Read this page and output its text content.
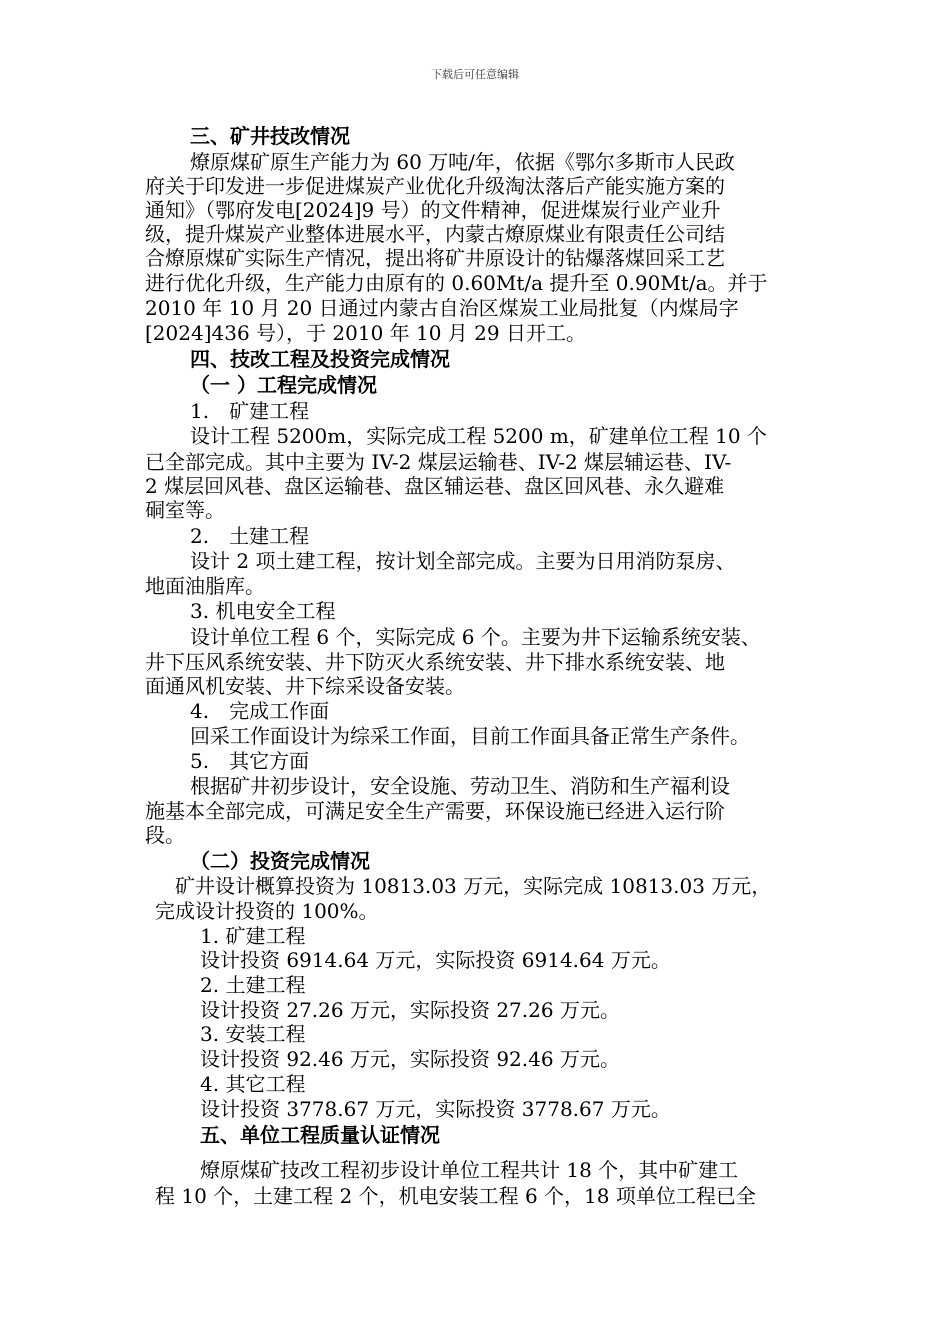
下载后可任意编辑
三、矿井技改情况
燎原煤矿原生产能力为 60 万吨/年，依据《鄂尔多斯市人民政
府关于印发进一步促进煤炭产业优化升级淘汰落后产能实施方案的
通知》（鄂府发电[2024]9 号）的文件精神，促进煤炭行业产业升
级，提升煤炭产业整体进展水平，内蒙古燎原煤业有限责任公司结
合燎原煤矿实际生产情况，提出将矿井原设计的钻爆落煤回采工艺
进行优化升级，生产能力由原有的 0.60Mt/a 提升至 0.90Mt/a。并于
2010 年 10 月 20 日通过内蒙古自治区煤炭工业局批复（内煤局字
[2024]436 号），于 2010 年 10 月 29 日开工。
四、技改工程及投资完成情况
（一 ）工程完成情况
1.　矿建工程
设计工程 5200m，实际完成工程 5200 m，矿建单位工程 10 个
已全部完成。其中主要为 IV-2 煤层运输巷、IV-2 煤层辅运巷、IV-
2 煤层回风巷、盘区运输巷、盘区辅运巷、盘区回风巷、永久避难
硐室等。
2.　土建工程
设计 2 项土建工程，按计划全部完成。主要为日用消防泵房、
地面油脂库。
3. 机电安全工程
设计单位工程 6 个，实际完成 6 个。主要为井下运输系统安装、
井下压风系统安装、井下防灭火系统安装、井下排水系统安装、地
面通风机安装、井下综采设备安装。
4.　完成工作面
回采工作面设计为综采工作面，目前工作面具备正常生产条件。
5.　其它方面
根据矿井初步设计，安全设施、劳动卫生、消防和生产福利设
施基本全部完成，可满足安全生产需要，环保设施已经进入运行阶
段。
（二）投资完成情况
矿井设计概算投资为 10813.03 万元，实际完成 10813.03 万元，
完成设计投资的 100%。
1. 矿建工程
设计投资 6914.64 万元，实际投资 6914.64 万元。
2. 土建工程
设计投资 27.26 万元，实际投资 27.26 万元。
3. 安装工程
设计投资 92.46 万元，实际投资 92.46 万元。
4. 其它工程
设计投资 3778.67 万元，实际投资 3778.67 万元。
五、单位工程质量认证情况
燎原煤矿技改工程初步设计单位工程共计 18 个，其中矿建工
程 10 个，土建工程 2 个，机电安装工程 6 个，18 项单位工程已全
